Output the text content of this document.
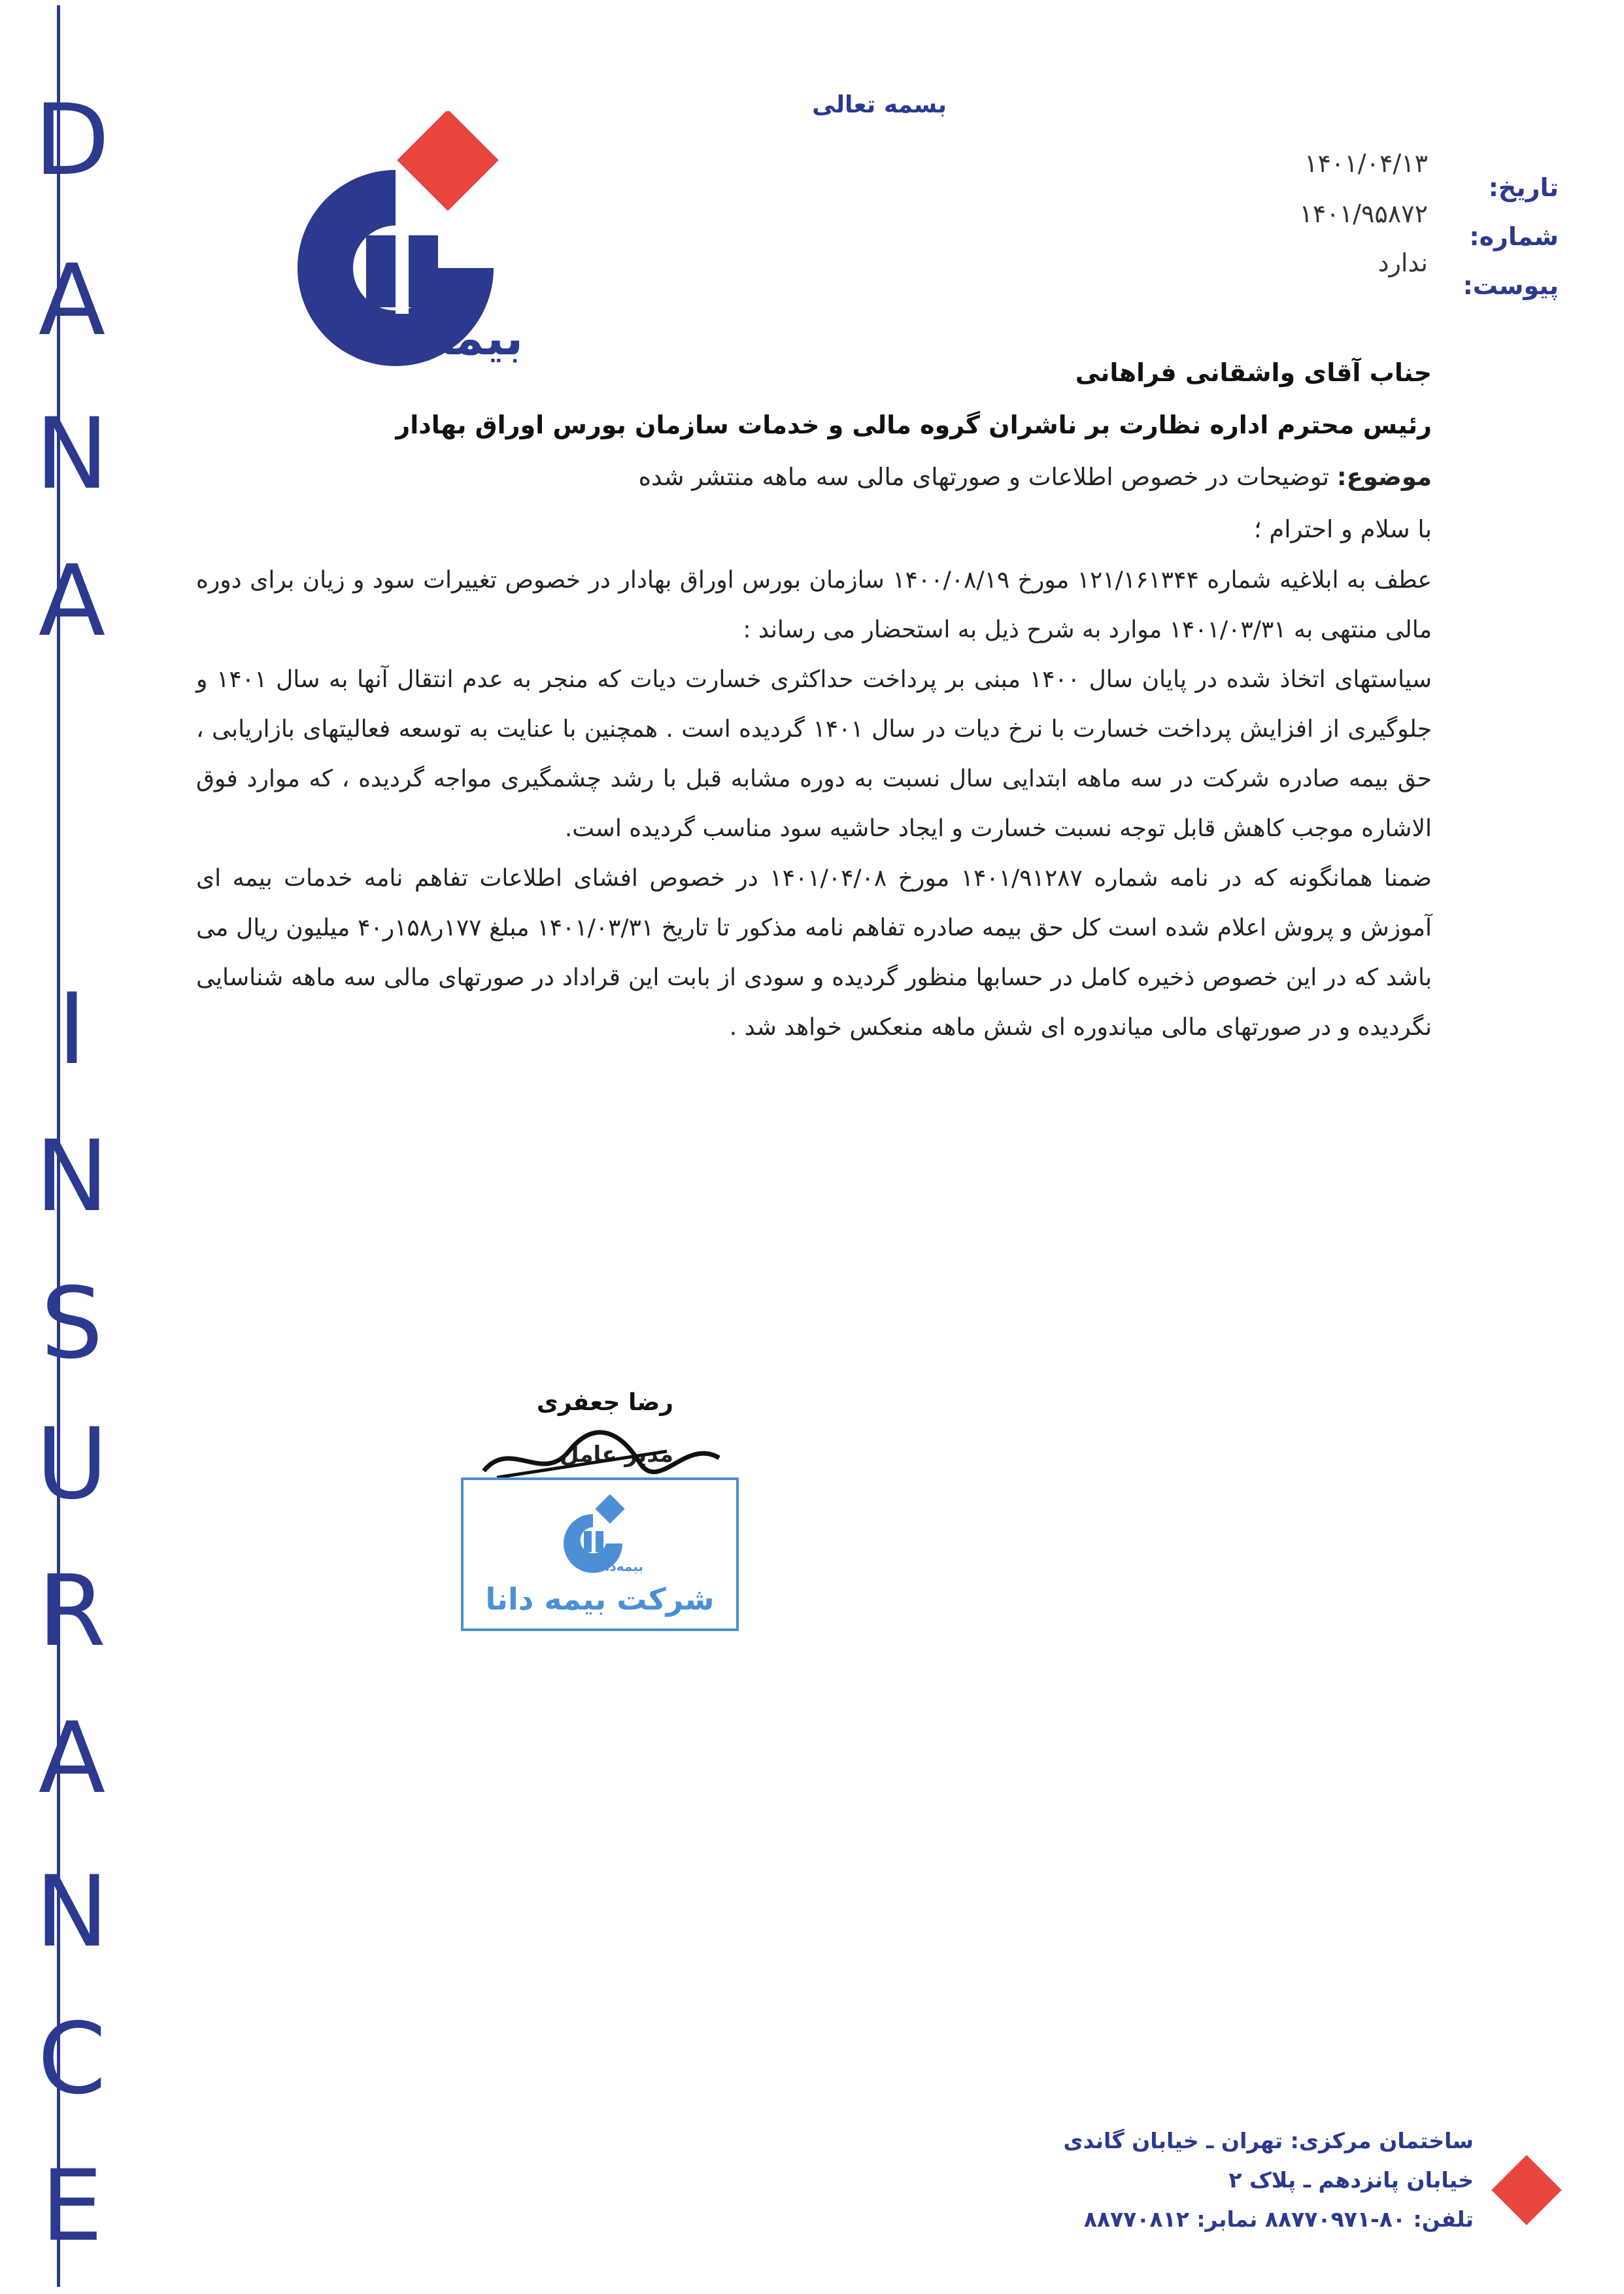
D
A
N
A
I
N
S
U
R
A
N
C
E
بیمه‌دانا
بسمه تعالی
تاریخ:
۱۴۰۱/۰۴/۱۳
شماره:
۱۴۰۱/۹۵۸۷۲
پیوست:
ندارد
جناب آقای واشقانی فراهانی
رئیس محترم اداره نظارت بر ناشران گروه مالی و خدمات سازمان بورس اوراق بهادار
موضوع: توضیحات در خصوص اطلاعات و صورتهای مالی سه ماهه منتشر شده
با سلام و احترام ؛

عطف به ابلاغیه شماره ۱۲۱/۱۶۱۳۴۴ مورخ ۱۴۰۰/۰۸/۱۹ سازمان بورس اوراق بهادار در خصوص تغییرات سود و زیان برای دوره مالی منتهی به ۱۴۰۱/۰۳/۳۱ موارد به شرح ذیل به استحضار می رساند :

سیاستهای اتخاذ شده در پایان سال ۱۴۰۰ مبنی بر پرداخت حداکثری خسارت دیات که منجر به عدم انتقال آنها به سال ۱۴۰۱ و جلوگیری از افزایش پرداخت خسارت با نرخ دیات در سال ۱۴۰۱ گردیده است . همچنین با عنایت به توسعه فعالیتهای بازاریابی ، حق بیمه صادره شرکت در سه ماهه ابتدایی سال نسبت به دوره مشابه قبل با رشد چشمگیری مواجه گردیده ، که موارد فوق الاشاره موجب کاهش قابل توجه نسبت خسارت و ایجاد حاشیه سود مناسب گردیده است.

ضمنا همانگونه که در نامه شماره ۱۴۰۱/۹۱۲۸۷ مورخ ۱۴۰۱/۰۴/۰۸ در خصوص افشای اطلاعات تفاهم نامه خدمات بیمه ای آموزش و پروش اعلام شده است کل حق بیمه صادره تفاهم نامه مذکور تا تاریخ ۱۴۰۱/۰۳/۳۱ مبلغ ۱۷۷ر۱۵۸ر۴۰ میلیون ریال می باشد که در این خصوص ذخیره کامل در حسابها منظور گردیده و سودی از بابت این قراداد در صورتهای مالی سه ماهه شناسایی نگردیده و در صورتهای مالی میاندوره ای شش ماهه منعکس خواهد شد .

رضا جعفری
مدیر عامل
بیمه‌دانا
شرکت بیمه دانا
ساختمان مرکزی: تهران ـ خیابان گاندی
خیابان پانزدهم ـ پلاک ۲
تلفن: ۸۰-۸۸۷۷۰۹۷۱ نمابر: ۸۸۷۷۰۸۱۲
